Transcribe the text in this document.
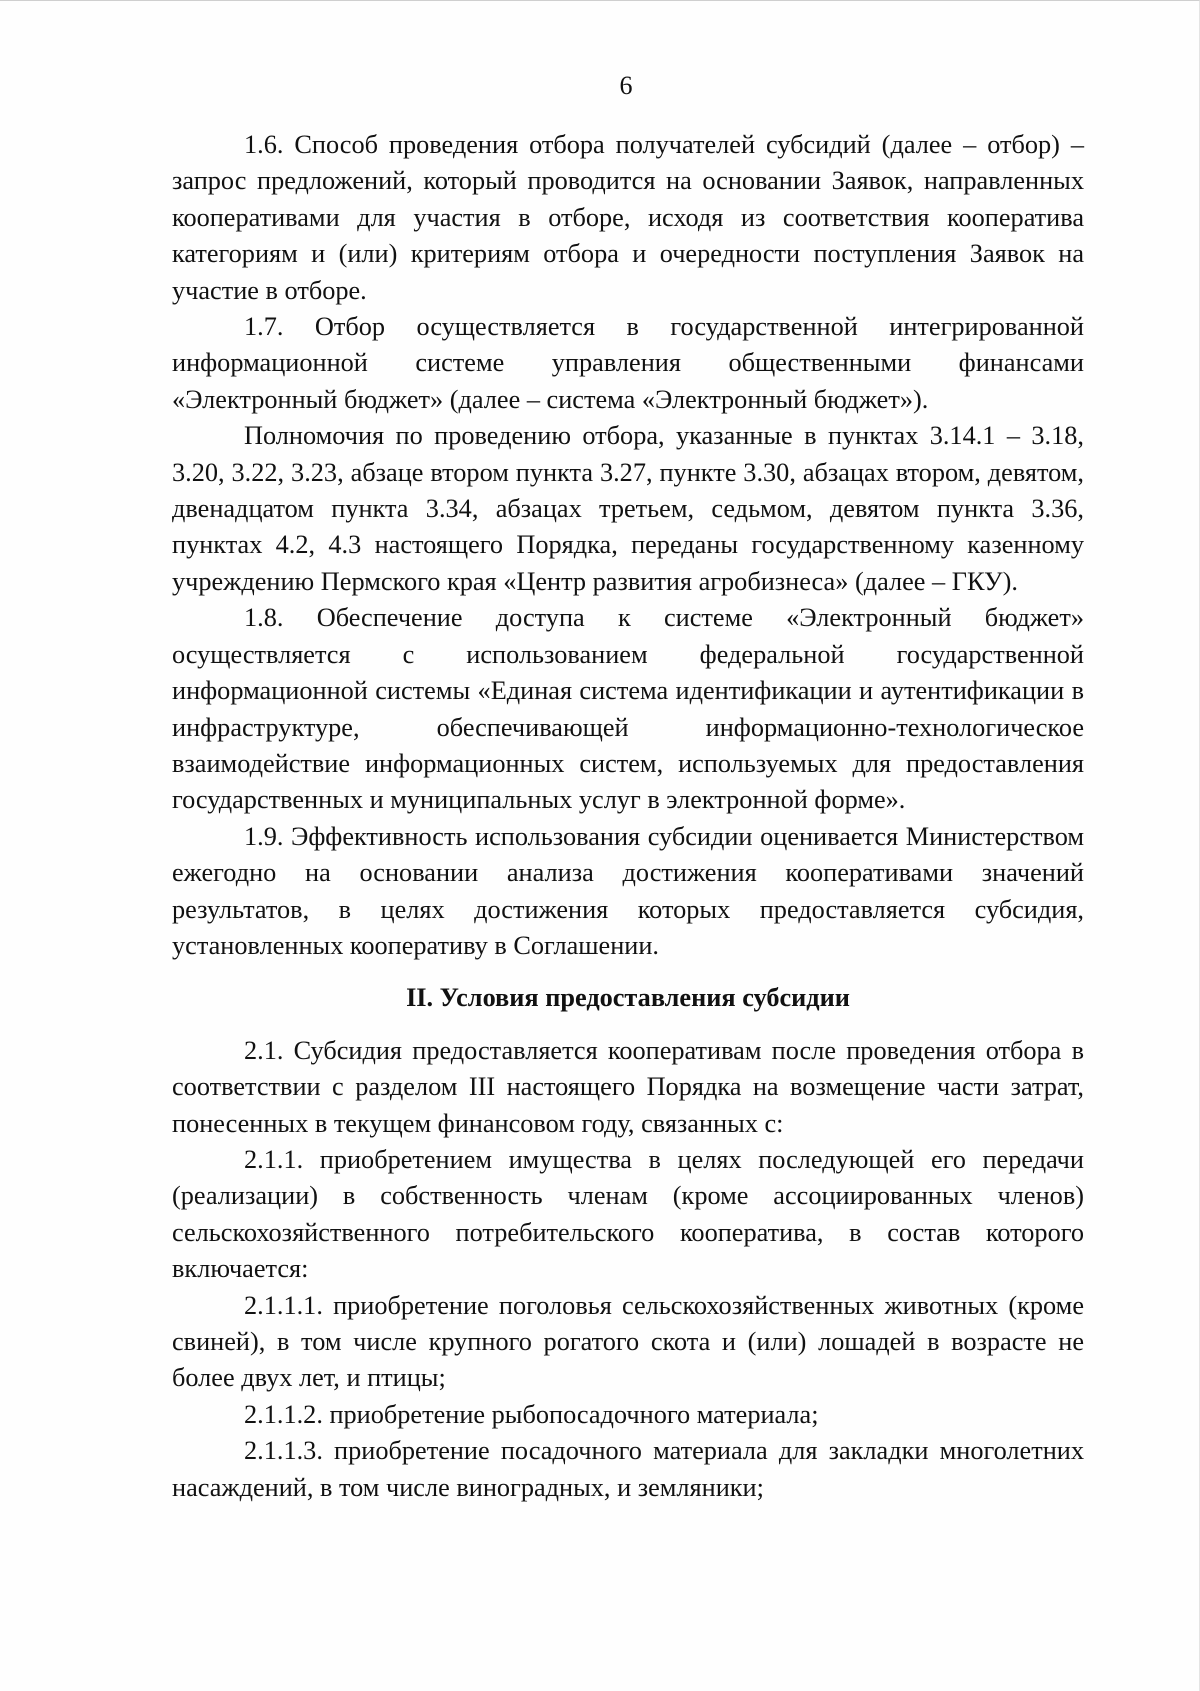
6

1.6. Способ проведения отбора получателей субсидий (далее – отбор) – запрос предложений, который проводится на основании Заявок, направленных кооперативами для участия в отборе, исходя из соответствия кооператива категориям и (или) критериям отбора и очередности поступления Заявок на участие в отборе.

1.7. Отбор осуществляется в государственной интегрированной информационной системе управления общественными финансами «Электронный бюджет» (далее – система «Электронный бюджет»).

Полномочия по проведению отбора, указанные в пунктах 3.14.1 – 3.18, 3.20, 3.22, 3.23, абзаце втором пункта 3.27, пункте 3.30, абзацах втором, девятом, двенадцатом пункта 3.34, абзацах третьем, седьмом, девятом пункта 3.36, пунктах 4.2, 4.3 настоящего Порядка, переданы государственному казенному учреждению Пермского края «Центр развития агробизнеса» (далее – ГКУ).

1.8. Обеспечение доступа к системе «Электронный бюджет» осуществляется с использованием федеральной государственной информационной системы «Единая система идентификации и аутентификации в инфраструктуре, обеспечивающей информационно-технологическое взаимодействие информационных систем, используемых для предоставления государственных и муниципальных услуг в электронной форме».

1.9. Эффективность использования субсидии оценивается Министерством ежегодно на основании анализа достижения кооперативами значений результатов, в целях достижения которых предоставляется субсидия, установленных кооперативу в Соглашении.

II. Условия предоставления субсидии

2.1. Субсидия предоставляется кооперативам после проведения отбора в соответствии с разделом III настоящего Порядка на возмещение части затрат, понесенных в текущем финансовом году, связанных с:

2.1.1. приобретением имущества в целях последующей его передачи (реализации) в собственность членам (кроме ассоциированных членов) сельскохозяйственного потребительского кооператива, в состав которого включается:

2.1.1.1. приобретение поголовья сельскохозяйственных животных (кроме свиней), в том числе крупного рогатого скота и (или) лошадей в возрасте не более двух лет, и птицы;

2.1.1.2. приобретение рыбопосадочного материала;

2.1.1.3. приобретение посадочного материала для закладки многолетних насаждений, в том числе виноградных, и земляники;
